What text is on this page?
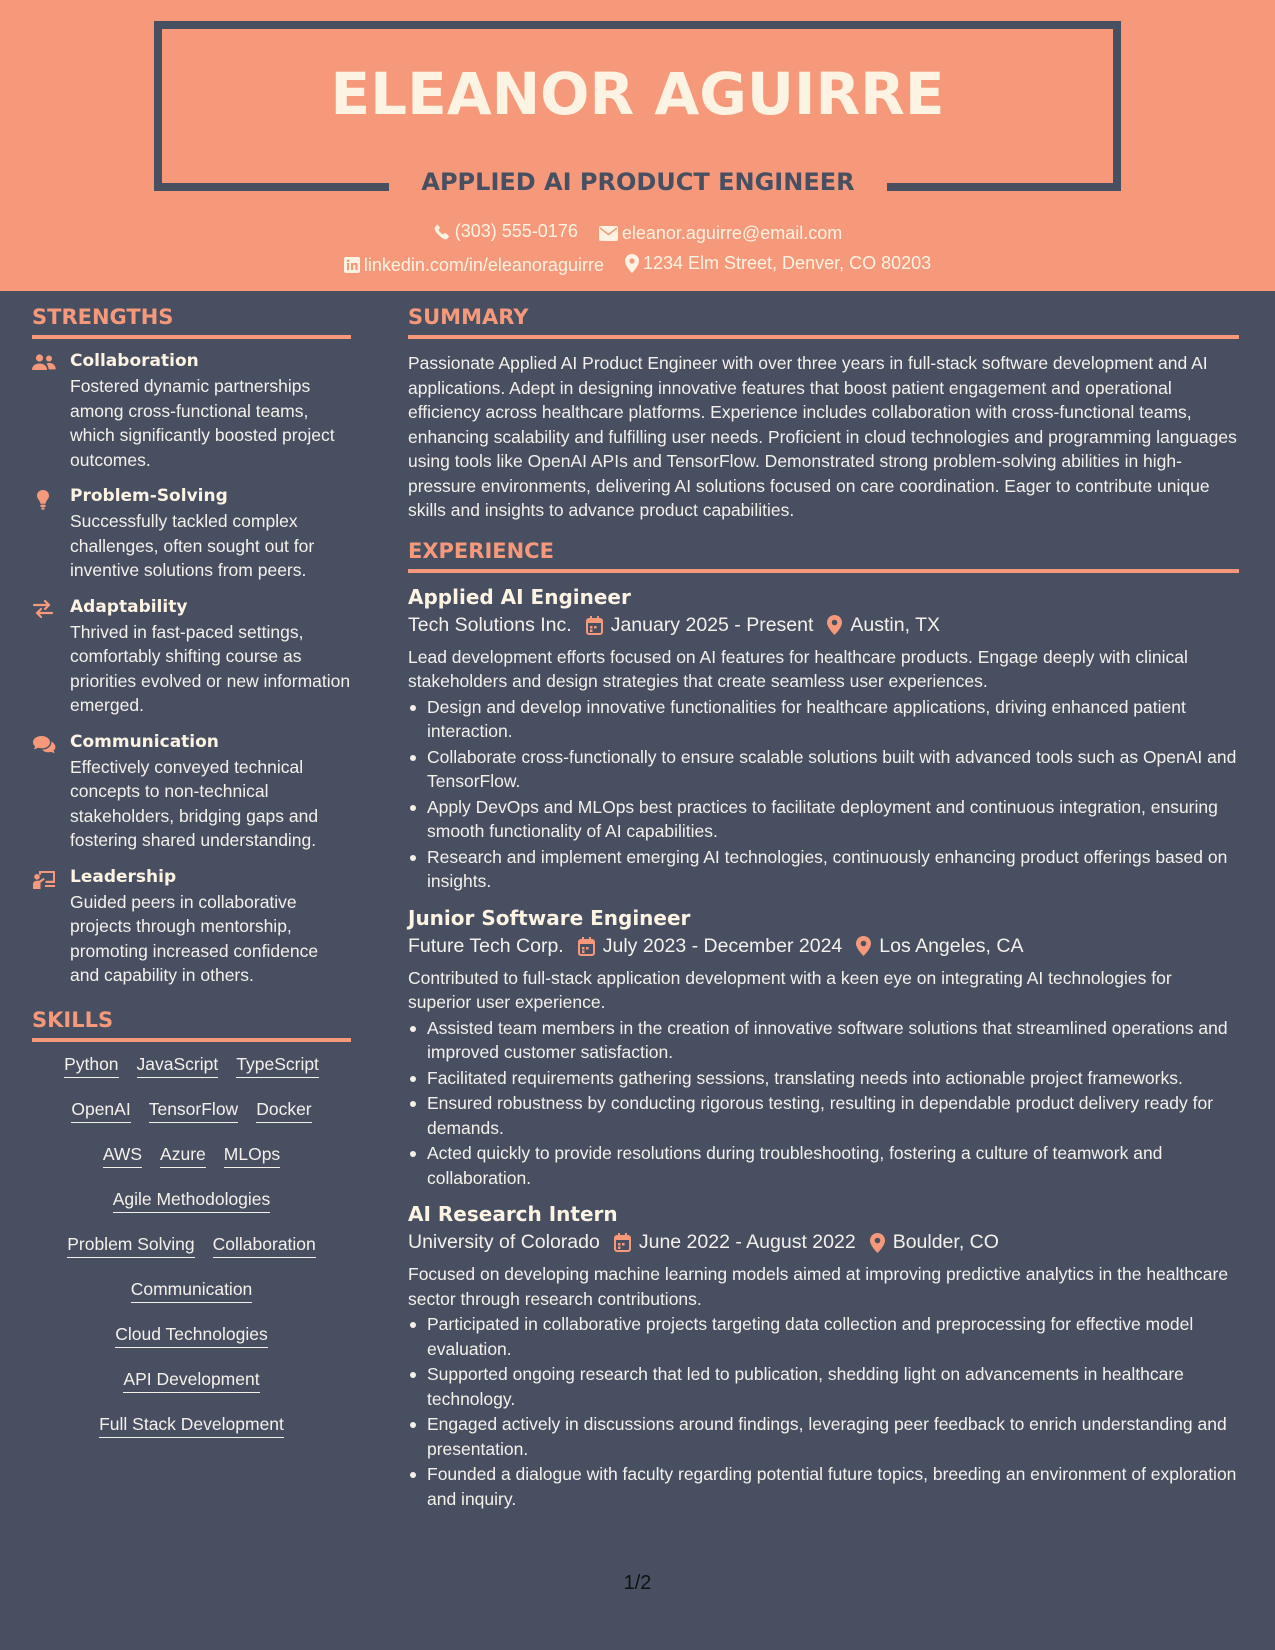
ELEANOR AGUIRRE
APPLIED AI PRODUCT ENGINEER
(303) 555-0176
eleanor.aguirre@email.com
linkedin.com/in/eleanoraguirre
1234 Elm Street, Denver, CO 80203
STRENGTHS
Collaboration
Fostered dynamic partnerships among cross-functional teams, which significantly boosted project outcomes.
Problem-Solving
Successfully tackled complex challenges, often sought out for inventive solutions from peers.
Adaptability
Thrived in fast-paced settings, comfortably shifting course as priorities evolved or new information emerged.
Communication
Effectively conveyed technical concepts to non-technical stakeholders, bridging gaps and fostering shared understanding.
Leadership
Guided peers in collaborative projects through mentorship, promoting increased confidence and capability in others.
SKILLS
Python JavaScript TypeScript
OpenAI TensorFlow Docker
AWS Azure MLOps
Agile Methodologies
Problem Solving Collaboration
Communication
Cloud Technologies
API Development
Full Stack Development
SUMMARY
Passionate Applied AI Product Engineer with over three years in full-stack software development and AI applications. Adept in designing innovative features that boost patient engagement and operational efficiency across healthcare platforms. Experience includes collaboration with cross-functional teams, enhancing scalability and fulfilling user needs. Proficient in cloud technologies and programming languages using tools like OpenAI APIs and TensorFlow. Demonstrated strong problem-solving abilities in high-pressure environments, delivering AI solutions focused on care coordination. Eager to contribute unique skills and insights to advance product capabilities.
EXPERIENCE
Applied AI Engineer
Tech Solutions Inc. January 2025 - Present Austin, TX
Lead development efforts focused on AI features for healthcare products. Engage deeply with clinical stakeholders and design strategies that create seamless user experiences.
Design and develop innovative functionalities for healthcare applications, driving enhanced patient interaction.
Collaborate cross-functionally to ensure scalable solutions built with advanced tools such as OpenAI and TensorFlow.
Apply DevOps and MLOps best practices to facilitate deployment and continuous integration, ensuring smooth functionality of AI capabilities.
Research and implement emerging AI technologies, continuously enhancing product offerings based on insights.
Junior Software Engineer
Future Tech Corp. July 2023 - December 2024 Los Angeles, CA
Contributed to full-stack application development with a keen eye on integrating AI technologies for superior user experience.
Assisted team members in the creation of innovative software solutions that streamlined operations and improved customer satisfaction.
Facilitated requirements gathering sessions, translating needs into actionable project frameworks.
Ensured robustness by conducting rigorous testing, resulting in dependable product delivery ready for demands.
Acted quickly to provide resolutions during troubleshooting, fostering a culture of teamwork and collaboration.
AI Research Intern
University of Colorado June 2022 - August 2022 Boulder, CO
Focused on developing machine learning models aimed at improving predictive analytics in the healthcare sector through research contributions.
Participated in collaborative projects targeting data collection and preprocessing for effective model evaluation.
Supported ongoing research that led to publication, shedding light on advancements in healthcare technology.
Engaged actively in discussions around findings, leveraging peer feedback to enrich understanding and presentation.
Founded a dialogue with faculty regarding potential future topics, breeding an environment of exploration and inquiry.
1/2
